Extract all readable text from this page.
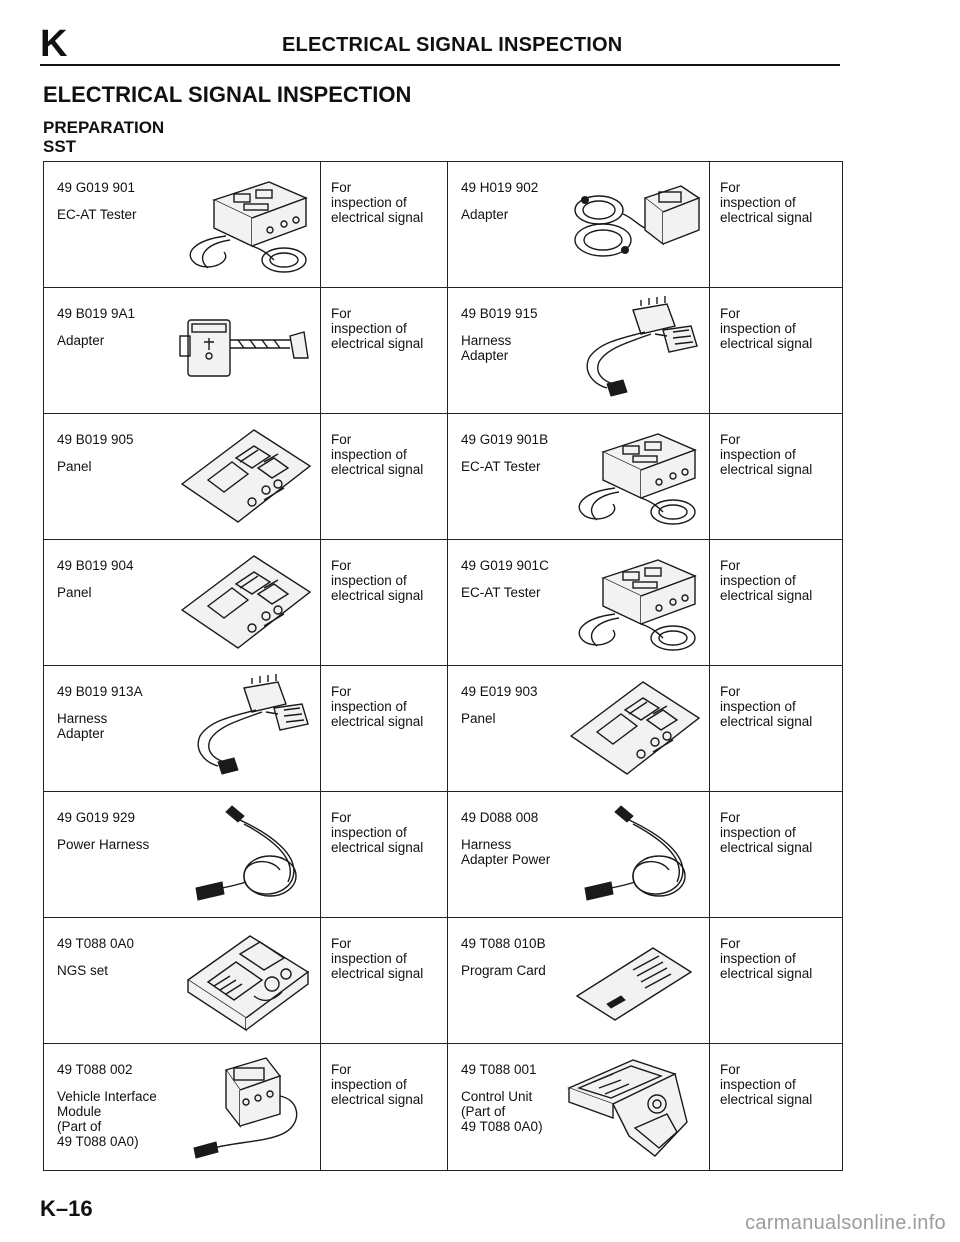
K	ELECTRICAL SIGNAL INSPECTION
ELECTRICAL SIGNAL INSPECTION
PREPARATION
SST
49 G019 901
EC-AT Tester
For
inspection of
electrical signal
49 H019 902
Adapter
For
inspection of
electrical signal
49 B019 9A1
Adapter
For
inspection of
electrical signal
49 B019 915
Harness
Adapter
For
inspection of
electrical signal
49 B019 905
Panel
For
inspection of
electrical signal
49 G019 901B
EC-AT Tester
For
inspection of
electrical signal
49 B019 904
Panel
For
inspection of
electrical signal
49 G019 901C
EC-AT Tester
For
inspection of
electrical signal
49 B019 913A
Harness
Adapter
For
inspection of
electrical signal
49 E019 903
Panel
For
inspection of
electrical signal
49 G019 929
Power Harness
For
inspection of
electrical signal
49 D088 008
Harness
Adapter Power
For
inspection of
electrical signal
49 T088 0A0
NGS set
For
inspection of
electrical signal
49 T088 010B
Program Card
For
inspection of
electrical signal
49 T088 002
Vehicle Interface
Module
(Part of
49 T088 0A0)
For
inspection of
electrical signal
49 T088 001
Control Unit
(Part of
49 T088 0A0)
For
inspection of
electrical signal
K–16
carmanualsonline.info
